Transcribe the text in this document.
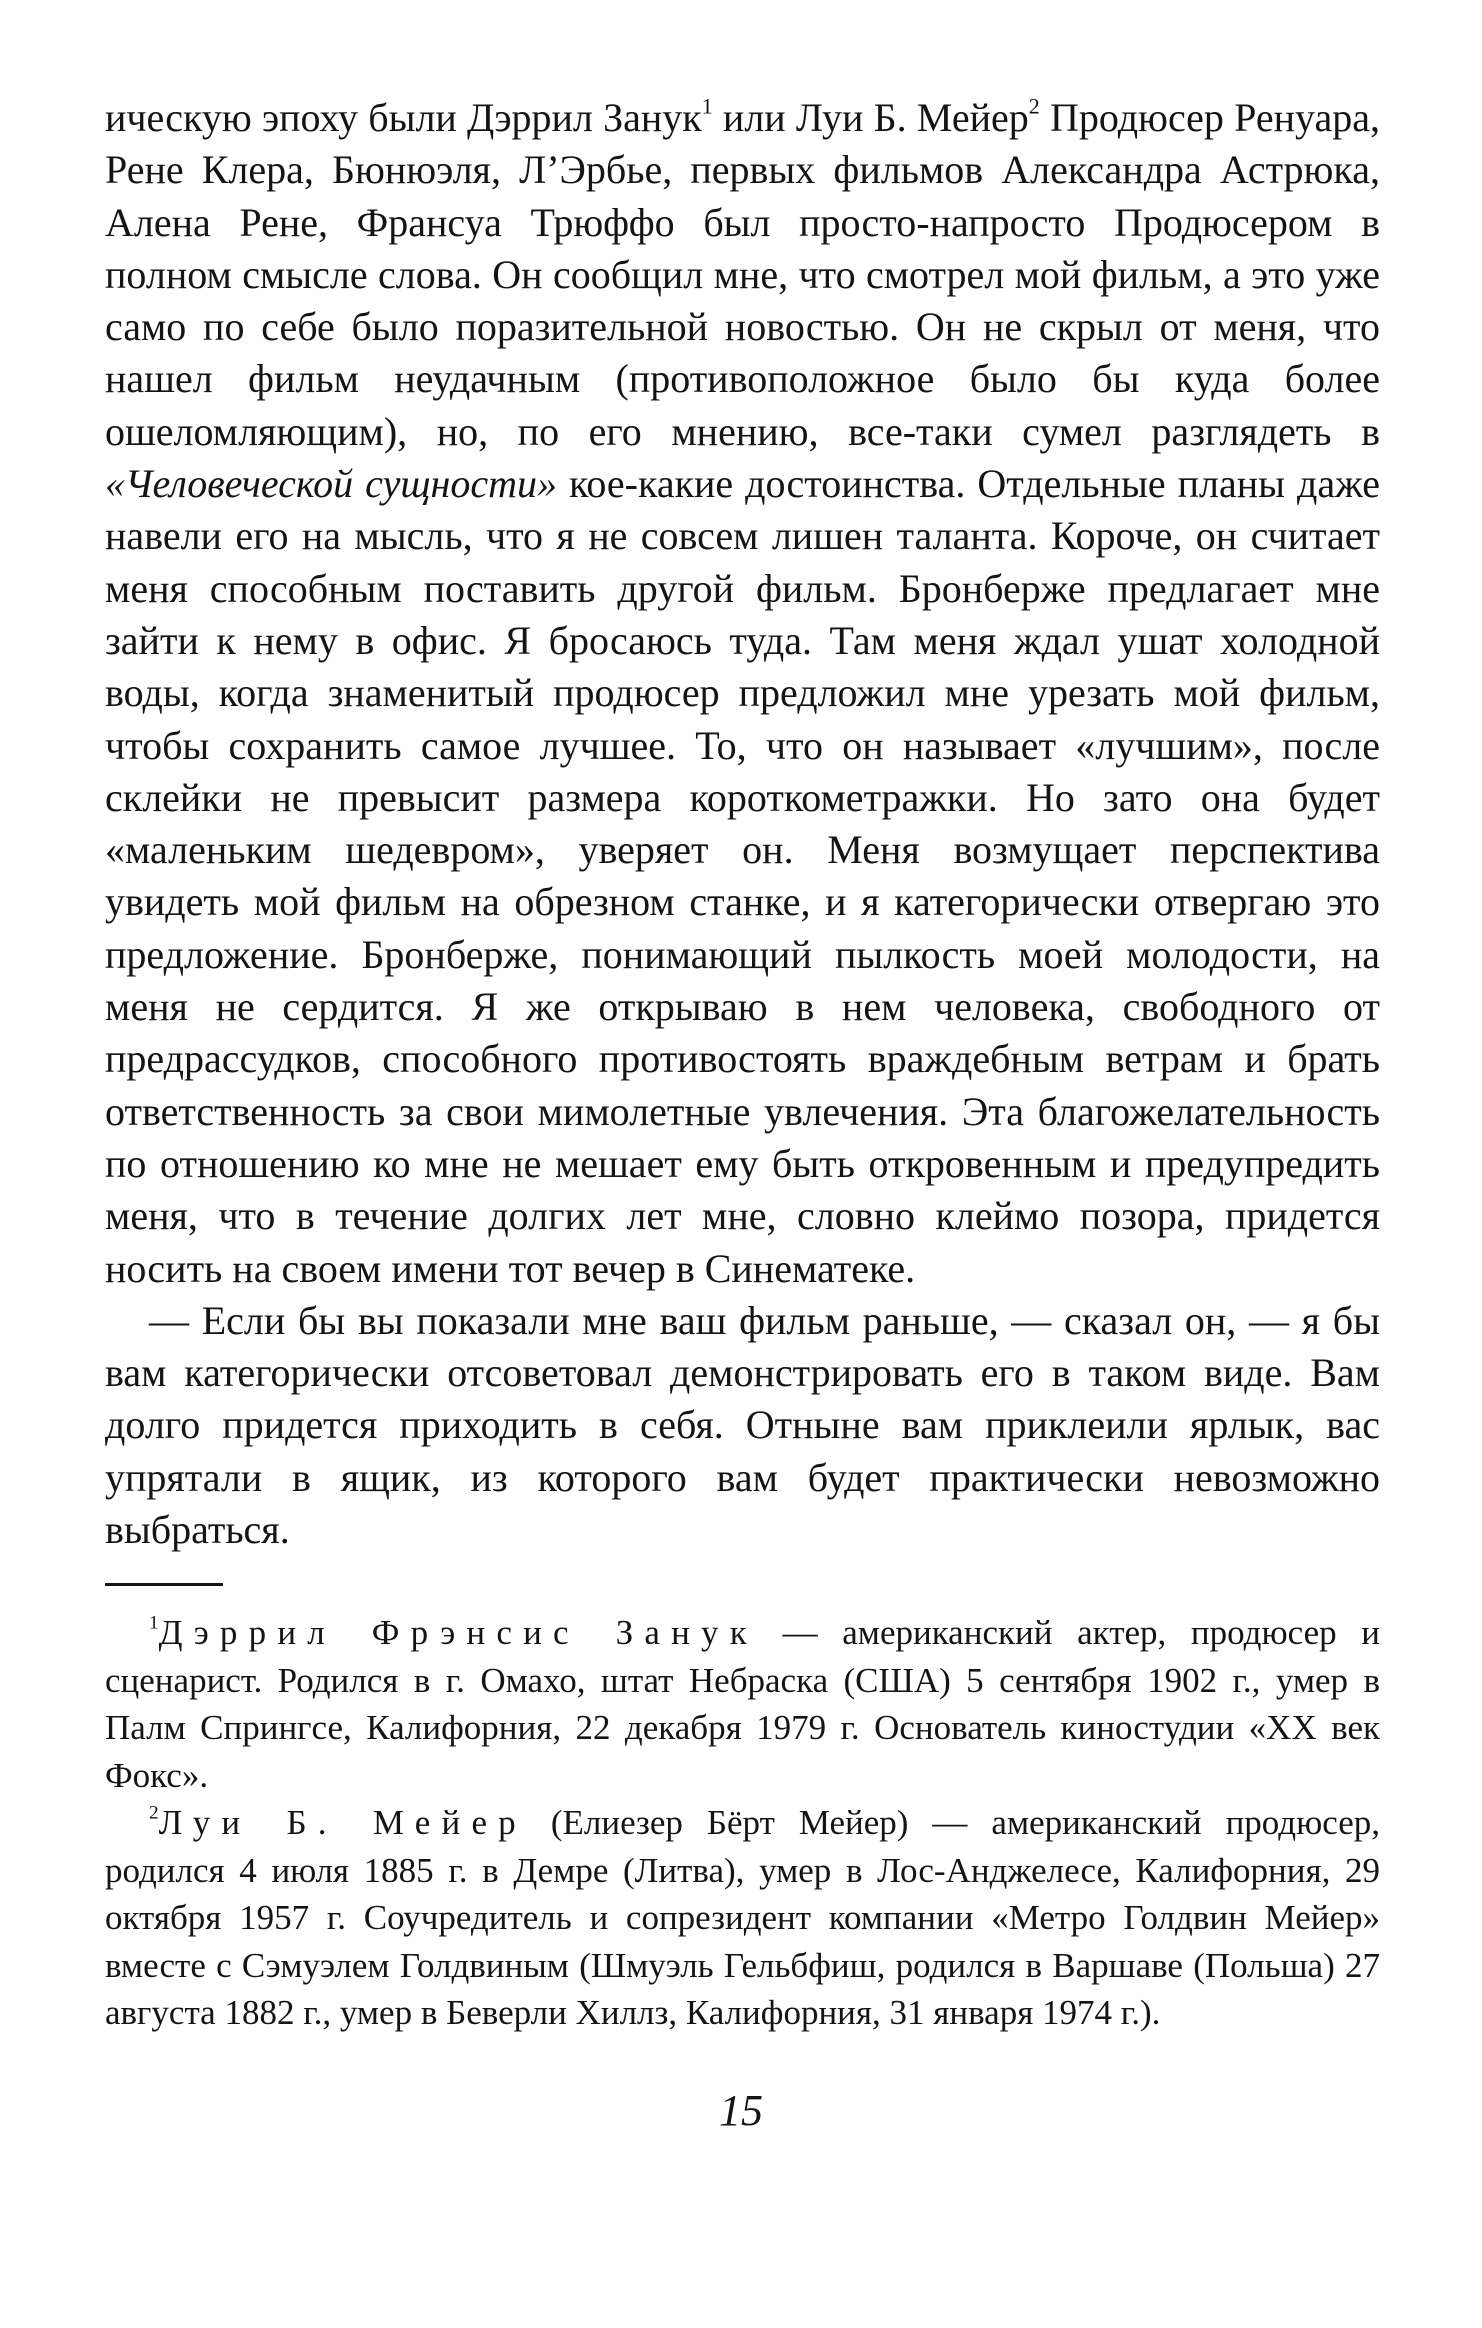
ическую эпоху были Дэррил Занук$^1$ или Луи Б. Мейер$^2$ Продюсер Ренуара, Рене Клера, Бюнюэля, Л’Эрбье, первых фильмов Александра Астрюка, Алена Рене, Франсуа Трюффо был просто-напросто Продюсером в полном смысле слова. Он сообщил мне, что смотрел мой фильм, а это уже само по себе было поразительной новостью. Он не скрыл от меня, что нашел фильм неудачным (противоположное было бы куда более ошеломляющим), но, по его мнению, все-таки сумел разглядеть в «Человеческой сущности» кое-какие достоинства. Отдельные планы даже навели его на мысль, что я не совсем лишен таланта. Короче, он считает меня способным поставить другой фильм. Бронберже предлагает мне зайти к нему в офис. Я бросаюсь туда. Там меня ждал ушат холодной воды, когда знаменитый продюсер предложил мне урезать мой фильм, чтобы сохранить самое лучшее. То, что он называет «лучшим», после склейки не превысит размера короткометражки. Но зато она будет «маленьким шедевром», уверяет он. Меня возмущает перспектива увидеть мой фильм на обрезном станке, и я категорически отвергаю это предложение. Бронберже, понимающий пылкость моей молодости, на меня не сердится. Я же открываю в нем человека, свободного от предрассудков, способного противостоять враждебным ветрам и брать ответственность за свои мимолетные увлечения. Эта благожелательность по отношению ко мне не мешает ему быть откровенным и предупредить меня, что в течение долгих лет мне, словно клеймо позора, придется носить на своем имени тот вечер в Синематеке.

— Если бы вы показали мне ваш фильм раньше, — сказал он, — я бы вам категорически отсоветовал демонстрировать его в таком виде. Вам долго придется приходить в себя. Отныне вам приклеили ярлык, вас упрятали в ящик, из которого вам будет практически невозможно выбраться.

$^1$Дэррил Фрэнсис Занук — американский актер, продюсер и сценарист. Родился в г. Омахо, штат Небраска (США) 5 сентября 1902 г., умер в Палм Спрингсе, Калифорния, 22 декабря 1979 г. Основатель киностудии «XX век Фокс».

$^2$Луи Б. Мейер (Елиезер Бёрт Мейер) — американский продюсер, родился 4 июля 1885 г. в Демре (Литва), умер в Лос-Анджелесе, Калифорния, 29 октября 1957 г. Соучредитель и сопрезидент компании «Метро Голдвин Мейер» вместе с Сэмуэлем Голдвиным (Шмуэль Гельбфиш, родился в Варшаве (Польша) 27 августа 1882 г., умер в Беверли Хиллз, Калифорния, 31 января 1974 г.).

15
